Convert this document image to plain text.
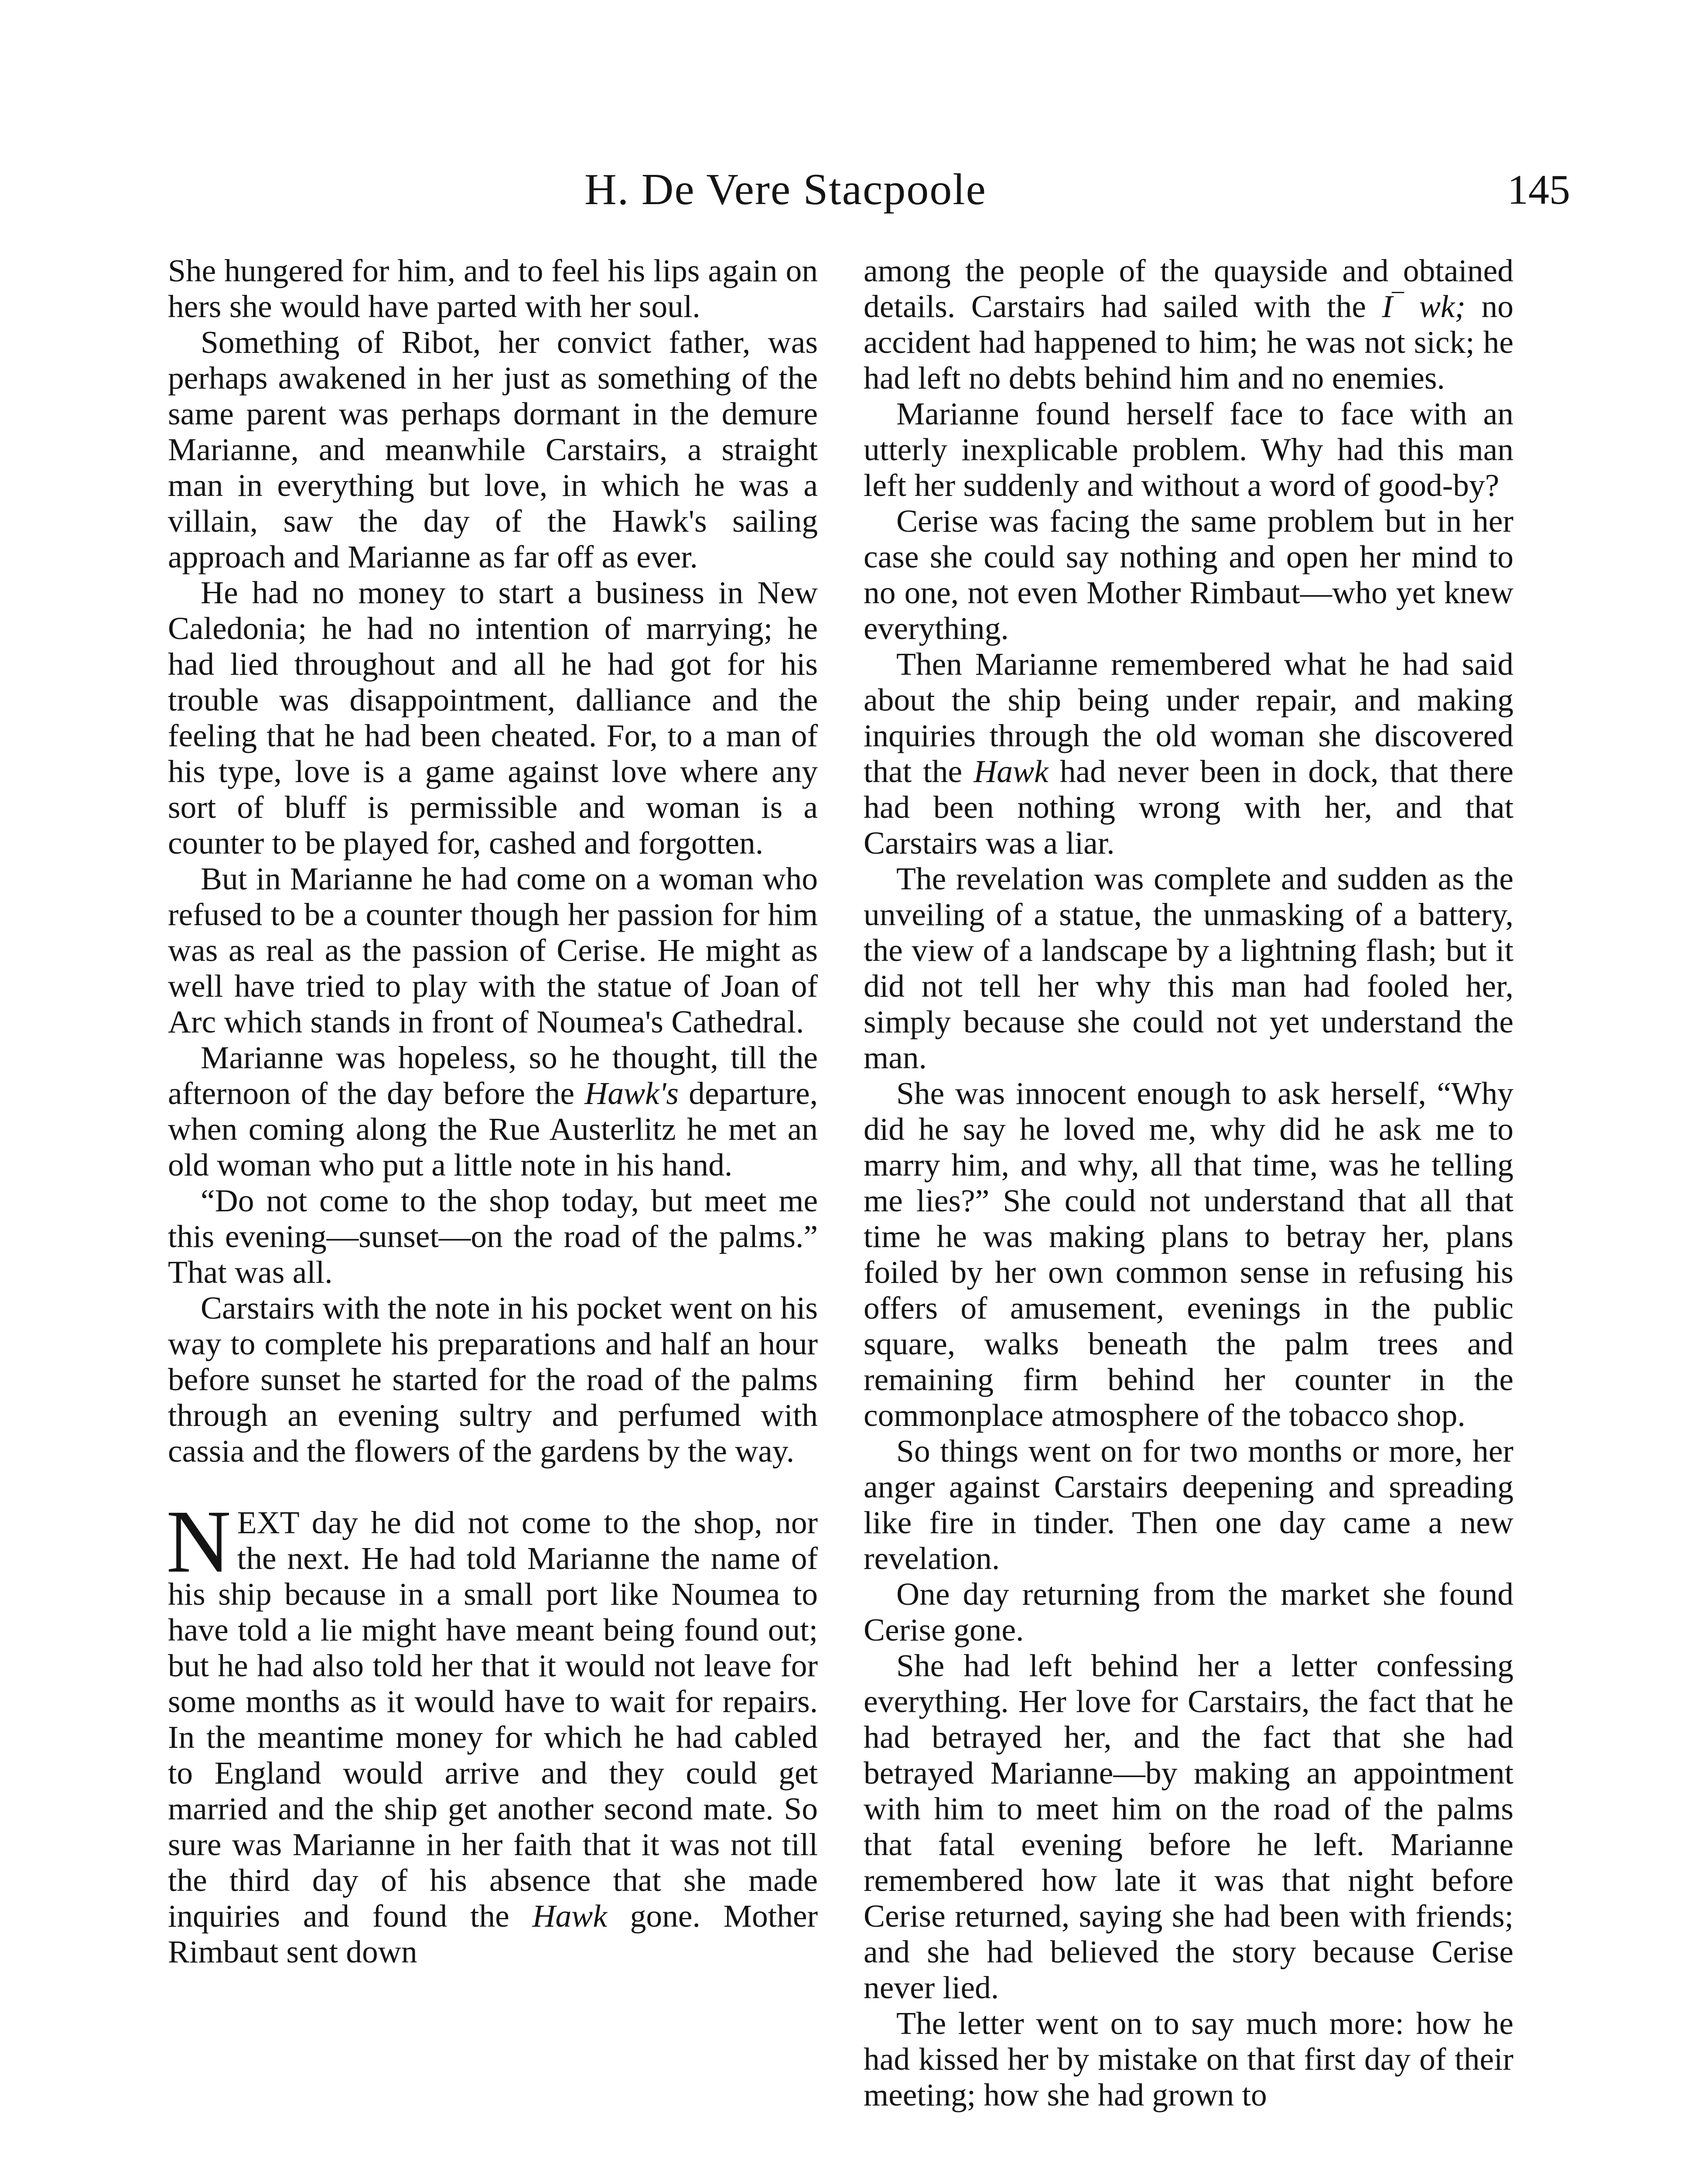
H. De Vere Stacpoole	145

She hungered for him, and to feel his lips again on hers she would have parted with her soul.

Something of Ribot, her convict father, was perhaps awakened in her just as something of the same parent was perhaps dormant in the demure Marianne, and meanwhile Carstairs, a straight man in everything but love, in which he was a villain, saw the day of the Hawk's sailing approach and Marianne as far off as ever.

He had no money to start a business in New Caledonia; he had no intention of marrying; he had lied throughout and all he had got for his trouble was disappointment, dalliance and the feeling that he had been cheated. For, to a man of his type, love is a game against love where any sort of bluff is permissible and woman is a counter to be played for, cashed and forgotten.

But in Marianne he had come on a woman who refused to be a counter though her passion for him was as real as the passion of Cerise. He might as well have tried to play with the statue of Joan of Arc which stands in front of Noumea's Cathedral.

Marianne was hopeless, so he thought, till the afternoon of the day before the Hawk's departure, when coming along the Rue Austerlitz he met an old woman who put a little note in his hand.

“Do not come to the shop today, but meet me this evening—sunset—on the road of the palms.” That was all.

Carstairs with the note in his pocket went on his way to complete his preparations and half an hour before sunset he started for the road of the palms through an evening sultry and perfumed with cassia and the flowers of the gardens by the way.

NEXT day he did not come to the shop, nor the next. He had told Marianne the name of his ship because in a small port like Noumea to have told a lie might have meant being found out; but he had also told her that it would not leave for some months as it would have to wait for repairs. In the meantime money for which he had cabled to England would arrive and they could get married and the ship get another second mate. So sure was Marianne in her faith that it was not till the third day of his absence that she made inquiries and found the Hawk gone. Mother Rimbaut sent down

among the people of the quayside and obtained details. Carstairs had sailed with the I‾ wk; no accident had happened to him; he was not sick; he had left no debts behind him and no enemies.

Marianne found herself face to face with an utterly inexplicable problem. Why had this man left her suddenly and without a word of good-by?

Cerise was facing the same problem but in her case she could say nothing and open her mind to no one, not even Mother Rimbaut—who yet knew everything.

Then Marianne remembered what he had said about the ship being under repair, and making inquiries through the old woman she discovered that the Hawk had never been in dock, that there had been nothing wrong with her, and that Carstairs was a liar.

The revelation was complete and sudden as the unveiling of a statue, the unmasking of a battery, the view of a landscape by a lightning flash; but it did not tell her why this man had fooled her, simply because she could not yet understand the man.

She was innocent enough to ask herself, “Why did he say he loved me, why did he ask me to marry him, and why, all that time, was he telling me lies?” She could not understand that all that time he was making plans to betray her, plans foiled by her own common sense in refusing his offers of amusement, evenings in the public square, walks beneath the palm trees and remaining firm behind her counter in the commonplace atmosphere of the tobacco shop.

So things went on for two months or more, her anger against Carstairs deepening and spreading like fire in tinder. Then one day came a new revelation.

One day returning from the market she found Cerise gone.

She had left behind her a letter confessing everything. Her love for Carstairs, the fact that he had betrayed her, and the fact that she had betrayed Marianne—by making an appointment with him to meet him on the road of the palms that fatal evening before he left. Marianne remembered how late it was that night before Cerise returned, saying she had been with friends; and she had believed the story because Cerise never lied.

The letter went on to say much more: how he had kissed her by mistake on that first day of their meeting; how she had grown to
